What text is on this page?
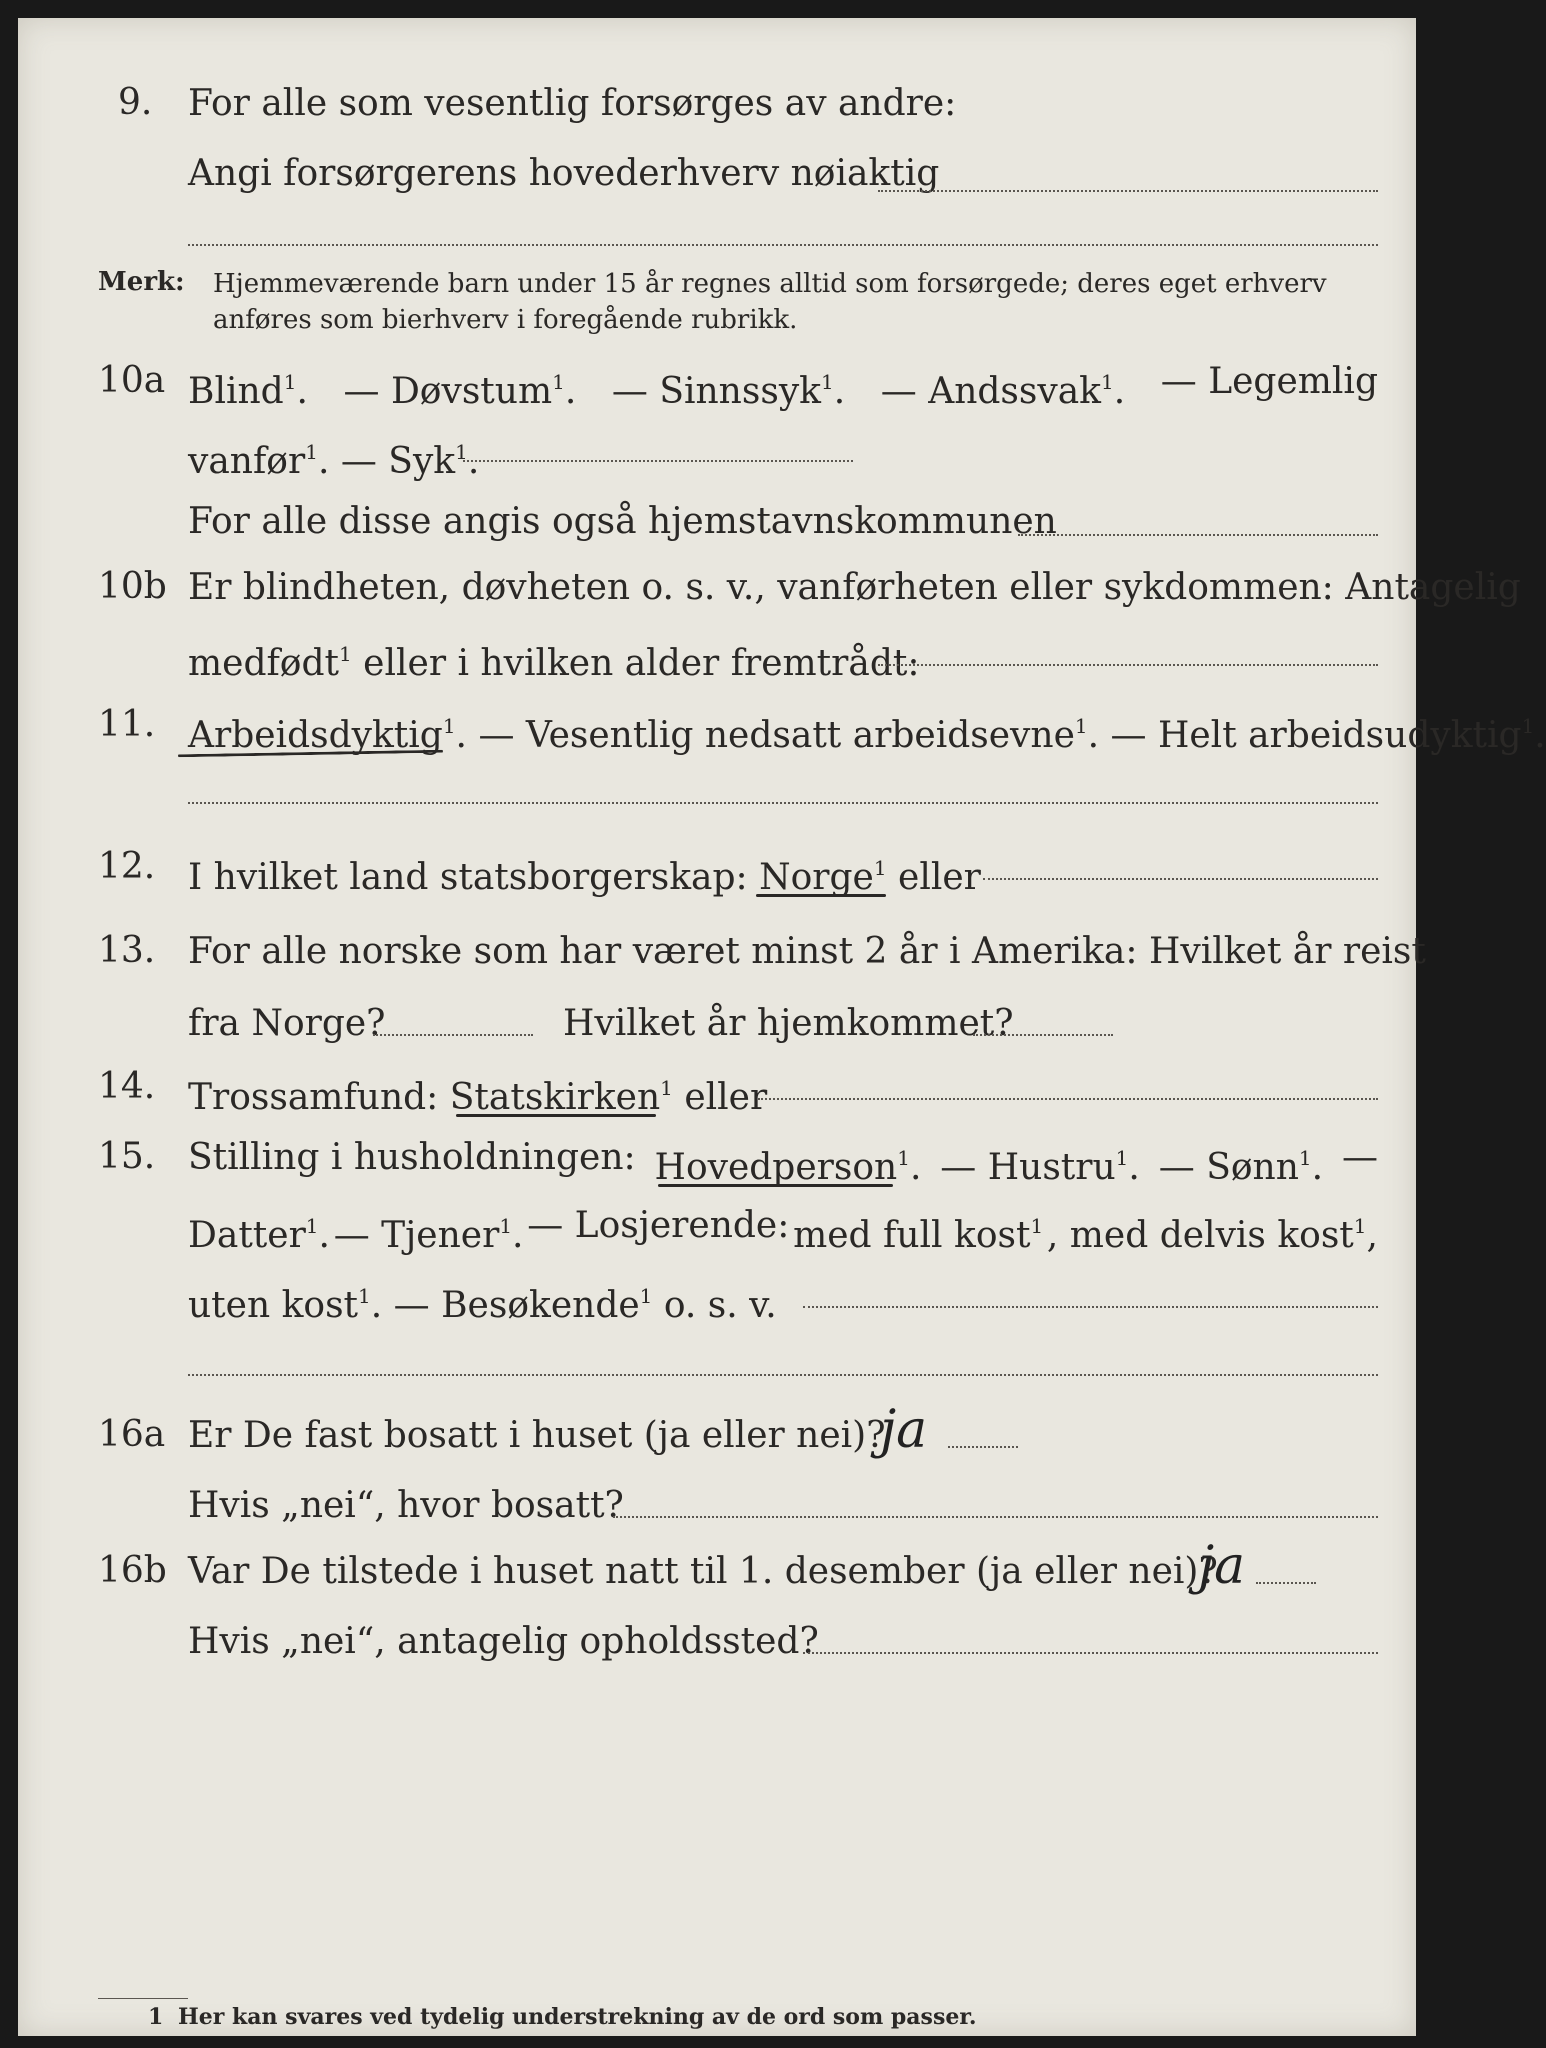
9. For alle som vesentlig forsørges av andre:
Angi forsørgerens hovederhverv nøiaktig
Merk: Hjemmeværende barn under 15 år regnes alltid som forsørgede; deres eget erhverv
anføres som bierhverv i foregående rubrikk.
10a Blind$^1$. — Døvstum$^1$. — Sinnssyk$^1$. — Andssvak$^1$. — Legemlig
vanfør$^1$. — Syk$^1$.
For alle disse angis også hjemstavnskommunen
10b Er blindheten, døvheten o. s. v., vanførheten eller sykdommen: Antagelig
medfødt$^1$ eller i hvilken alder fremtrådt:
11. Arbeidsdyktig$^1$. — Vesentlig nedsatt arbeidsevne$^1$. — Helt arbeidsudyktig$^1$.
12. I hvilket land statsborgerskap: Norge$^1$ eller
13. For alle norske som har været minst 2 år i Amerika: Hvilket år reist
fra Norge?	Hvilket år hjemkommet?
14. Trossamfund: Statskirken$^1$ eller
15. Stilling i husholdningen: Hovedperson$^1$. — Hustru$^1$. — Sønn$^1$. —
Datter$^1$. — Tjener$^1$. — Losjerende: med full kost$^1$ , med delvis kost$^1$,
uten kost$^1$. — Besøkende$^1$ o. s. v.
16a Er De fast bosatt i huset (ja eller nei)?
ja
Hvis „nei“, hvor bosatt?
16b Var De tilstede i huset natt til 1. desember (ja eller nei)?
ja
Hvis „nei“, antagelig opholdssted?
1 Her kan svares ved tydelig understrekning av de ord som passer.
